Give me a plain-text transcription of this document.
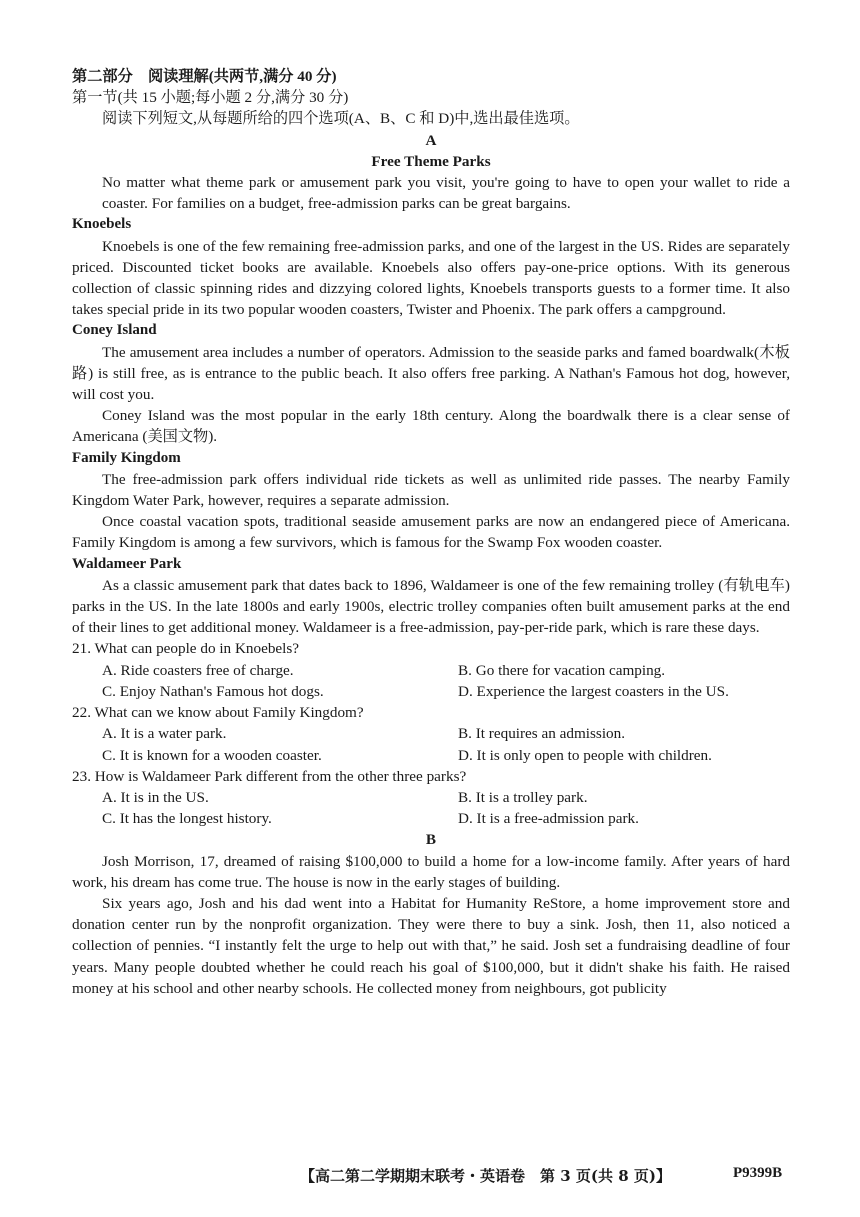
第二部分　阅读理解(共两节,满分 40 分)
第一节(共 15 小题;每小题 2 分,满分 30 分)
阅读下列短文,从每题所给的四个选项(A、B、C 和 D)中,选出最佳选项。
A
Free Theme Parks

No matter what theme park or amusement park you visit, you're going to have to open your wallet to ride a coaster. For families on a budget, free-admission parks can be great bargains.

Knoebels

Knoebels is one of the few remaining free-admission parks, and one of the largest in the US. Rides are separately priced. Discounted ticket books are available. Knoebels also offers pay-one-price options. With its generous collection of classic spinning rides and dizzying colored lights, Knoebels transports guests to a former time. It also takes special pride in its two popular wooden coasters, Twister and Phoenix. The park offers a campground.

Coney Island

The amusement area includes a number of operators. Admission to the seaside parks and famed boardwalk(木板路) is still free, as is entrance to the public beach. It also offers free parking. A Nathan's Famous hot dog, however, will cost you.

Coney Island was the most popular in the early 18th century. Along the boardwalk there is a clear sense of Americana (美国文物).

Family Kingdom

The free-admission park offers individual ride tickets as well as unlimited ride passes. The nearby Family Kingdom Water Park, however, requires a separate admission.

Once coastal vacation spots, traditional seaside amusement parks are now an endangered piece of Americana. Family Kingdom is among a few survivors, which is famous for the Swamp Fox wooden coaster.

Waldameer Park

As a classic amusement park that dates back to 1896, Waldameer is one of the few remaining trolley (有轨电车) parks in the US. In the late 1800s and early 1900s, electric trolley companies often built amusement parks at the end of their lines to get additional money. Waldameer is a free-admission, pay-per-ride park, which is rare these days.

21. What can people do in Knoebels?
A. Ride coasters free of charge.	B. Go there for vacation camping.
C. Enjoy Nathan's Famous hot dogs.	D. Experience the largest coasters in the US.
22. What can we know about Family Kingdom?
A. It is a water park.	B. It requires an admission.
C. It is known for a wooden coaster.	D. It is only open to people with children.
23. How is Waldameer Park different from the other three parks?
A. It is in the US.	B. It is a trolley park.
C. It has the longest history.	D. It is a free-admission park.
B

Josh Morrison, 17, dreamed of raising $100,000 to build a home for a low-income family. After years of hard work, his dream has come true. The house is now in the early stages of building.

Six years ago, Josh and his dad went into a Habitat for Humanity ReStore, a home improvement store and donation center run by the nonprofit organization. They were there to buy a sink. Josh, then 11, also noticed a collection of pennies. “I instantly felt the urge to help out with that,” he said. Josh set a fundraising deadline of four years. Many people doubted whether he could reach his goal of $100,000, but it didn't shake his faith. He raised money at his school and other nearby schools. He collected money from neighbours, got publicity

【高二第二学期期末联考・英语卷　第 3 页(共 8 页)】	P9399B
